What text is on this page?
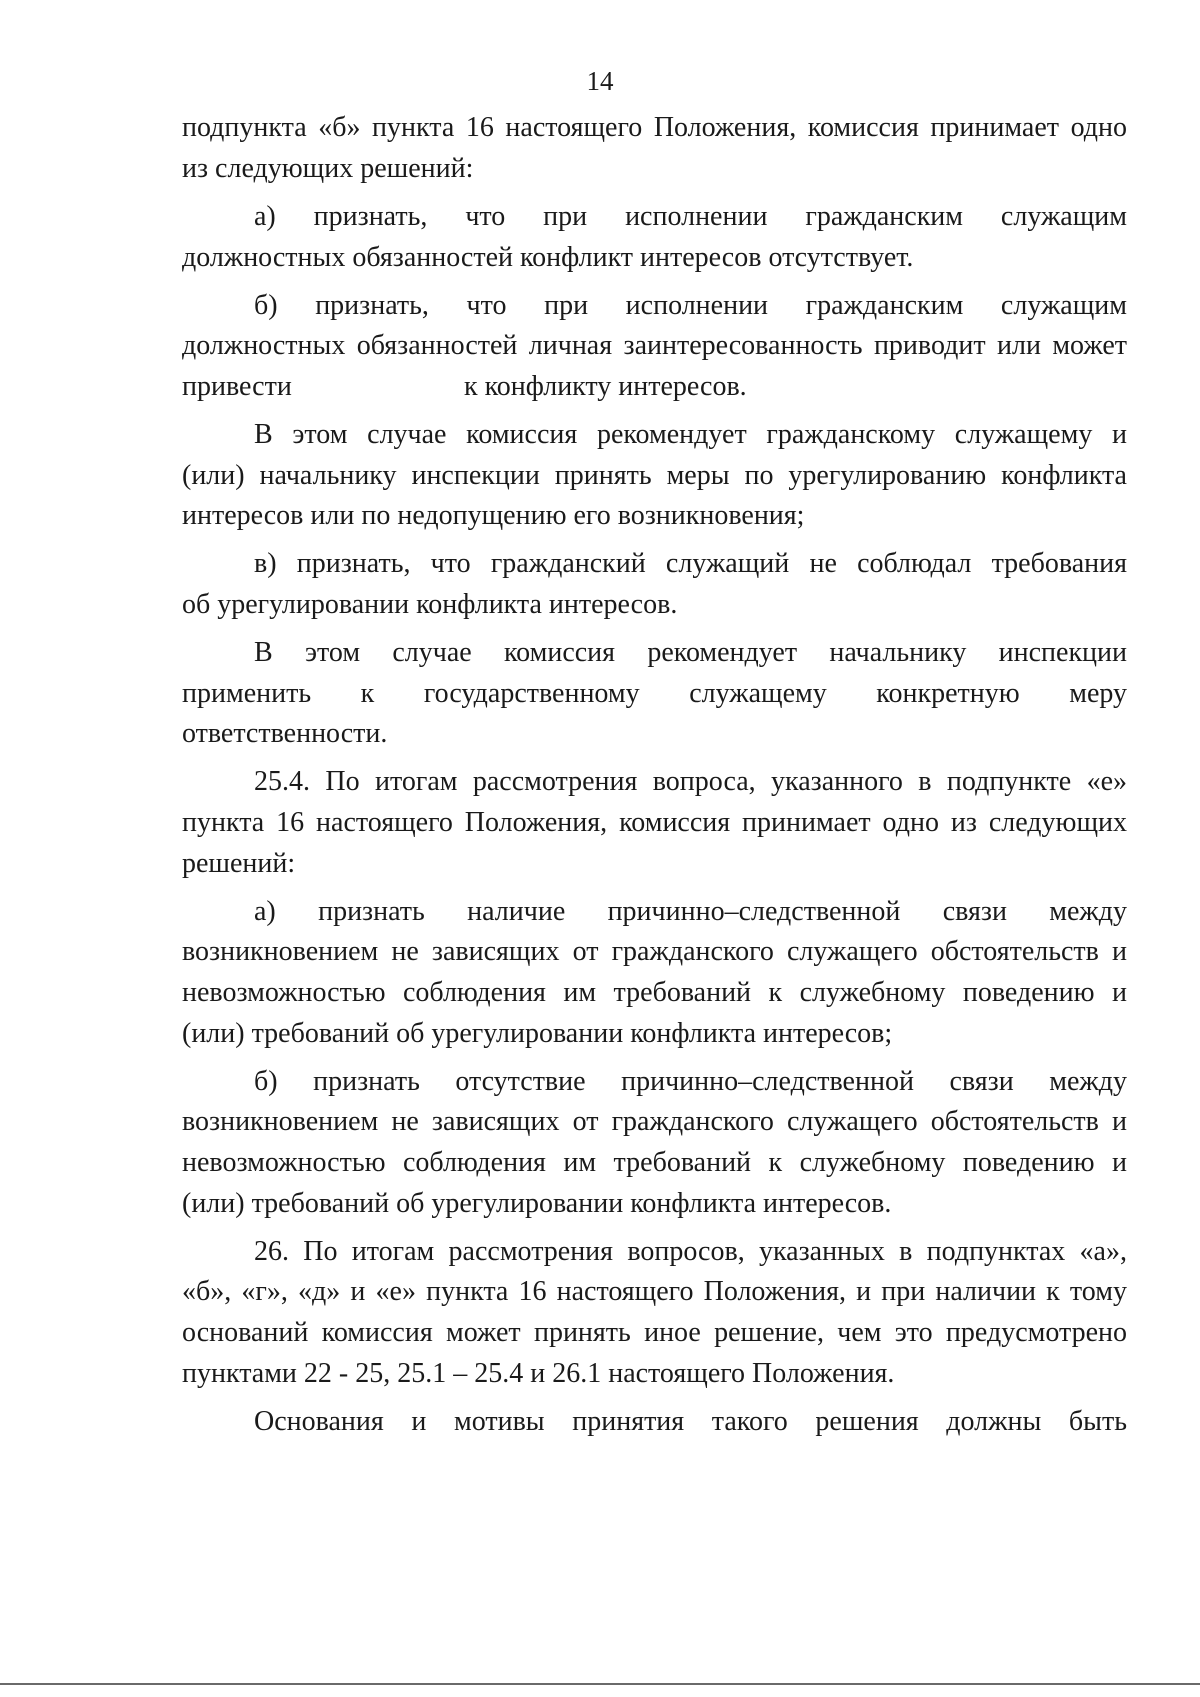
14
подпункта «б» пункта 16 настоящего Положения, комиссия принимает одно
из следующих решений:
а) признать, что при исполнении гражданским служащим
должностных обязанностей конфликт интересов отсутствует.
б) признать, что при исполнении гражданским служащим
должностных обязанностей личная заинтересованность приводит или может
привести	к конфликту интересов.
В этом случае комиссия рекомендует гражданскому служащему и
(или) начальнику инспекции принять меры по урегулированию конфликта
интересов или по недопущению его возникновения;
в) признать, что гражданский служащий не соблюдал требования
об урегулировании конфликта интересов.
В этом случае комиссия рекомендует начальнику инспекции
применить к государственному служащему конкретную меру
ответственности.
25.4. По итогам рассмотрения вопроса, указанного в подпункте «е»
пункта 16 настоящего Положения, комиссия принимает одно из следующих
решений:
а) признать наличие причинно–следственной связи между
возникновением не зависящих от гражданского служащего обстоятельств и
невозможностью соблюдения им требований к служебному поведению и
(или) требований об урегулировании конфликта интересов;
б) признать отсутствие причинно–следственной связи между
возникновением не зависящих от гражданского служащего обстоятельств и
невозможностью соблюдения им требований к служебному поведению и
(или) требований об урегулировании конфликта интересов.
26. По итогам рассмотрения вопросов, указанных в подпунктах «а»,
«б», «г», «д» и «е» пункта 16 настоящего Положения, и при наличии к тому
оснований комиссия может принять иное решение, чем это предусмотрено
пунктами 22 - 25, 25.1 – 25.4 и 26.1 настоящего Положения.
Основания и мотивы принятия такого решения должны быть
